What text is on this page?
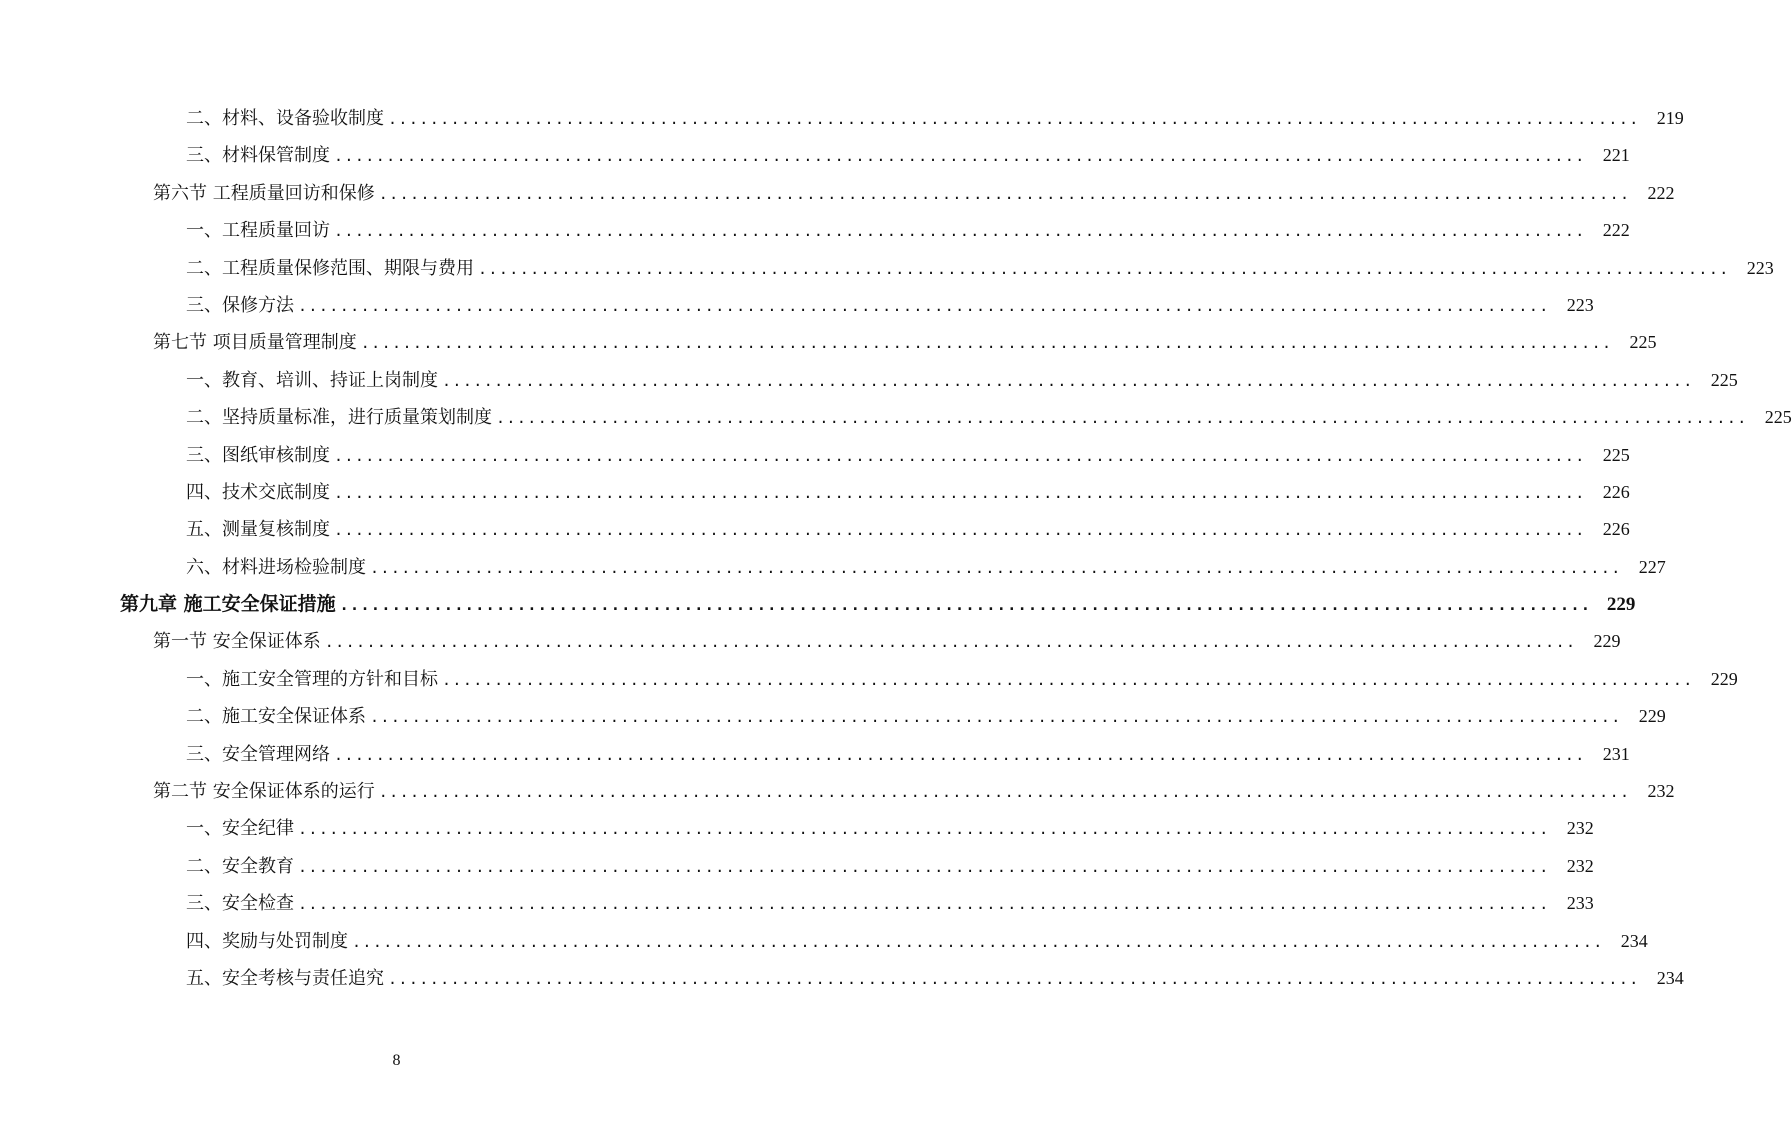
二、材料、设备验收制度 ........................................................................................................................ 219
三、材料保管制度 ........................................................................................................................ 221
第六节 工程质量回访和保修 ........................................................................................................................ 222
一、工程质量回访 ........................................................................................................................ 222
二、工程质量保修范围、期限与费用 ........................................................................................................................ 223
三、保修方法 ........................................................................................................................ 223
第七节 项目质量管理制度 ........................................................................................................................ 225
一、教育、培训、持证上岗制度 ........................................................................................................................ 225
二、坚持质量标准，进行质量策划制度 ........................................................................................................................ 225
三、图纸审核制度 ........................................................................................................................ 225
四、技术交底制度 ........................................................................................................................ 226
五、测量复核制度 ........................................................................................................................ 226
六、材料进场检验制度 ........................................................................................................................ 227
第九章 施工安全保证措施 ........................................................................................................................ 229
第一节 安全保证体系 ........................................................................................................................ 229
一、施工安全管理的方针和目标 ........................................................................................................................ 229
二、施工安全保证体系 ........................................................................................................................ 229
三、安全管理网络 ........................................................................................................................ 231
第二节 安全保证体系的运行 ........................................................................................................................ 232
一、安全纪律 ........................................................................................................................ 232
二、安全教育 ........................................................................................................................ 232
三、安全检查 ........................................................................................................................ 233
四、奖励与处罚制度 ........................................................................................................................ 234
五、安全考核与责任追究 ........................................................................................................................ 234
8
